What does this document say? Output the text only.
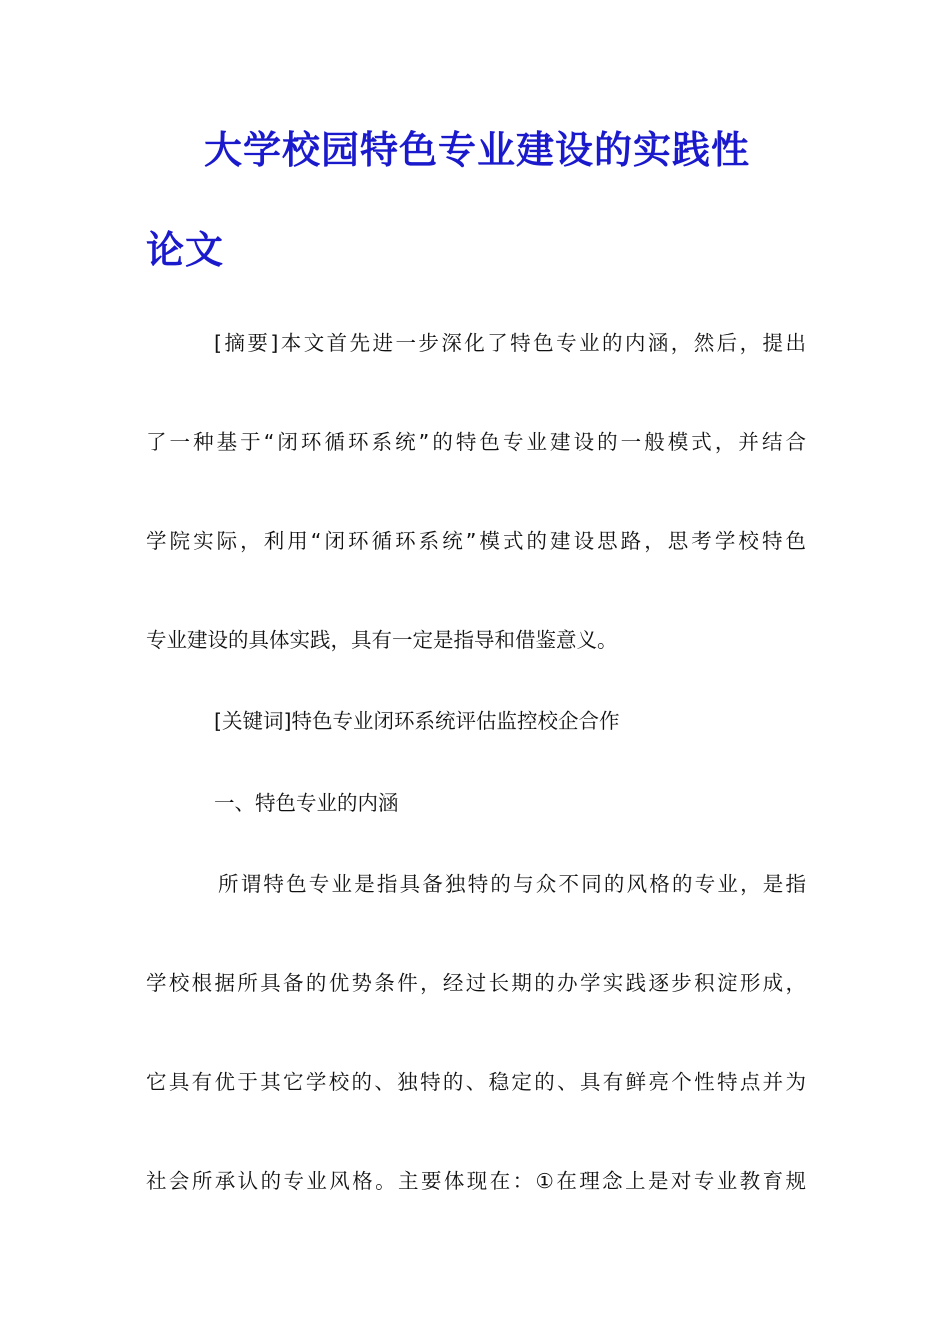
大学校园特色专业建设的实践性
论文
[摘要]本文首先进一步深化了特色专业的内涵，然后，提出
了一种基于“闭环循环系统”的特色专业建设的一般模式，并结合
学院实际，利用“闭环循环系统”模式的建设思路，思考学校特色
专业建设的具体实践，具有一定是指导和借鉴意义。
[关键词]特色专业闭环系统评估监控校企合作
一、特色专业的内涵
所谓特色专业是指具备独特的与众不同的风格的专业，是指
学校根据所具备的优势条件，经过长期的办学实践逐步积淀形成，
它具有优于其它学校的、独特的、稳定的、具有鲜亮个性特点并为
社会所承认的专业风格。主要体现在：①在理念上是对专业教育规
